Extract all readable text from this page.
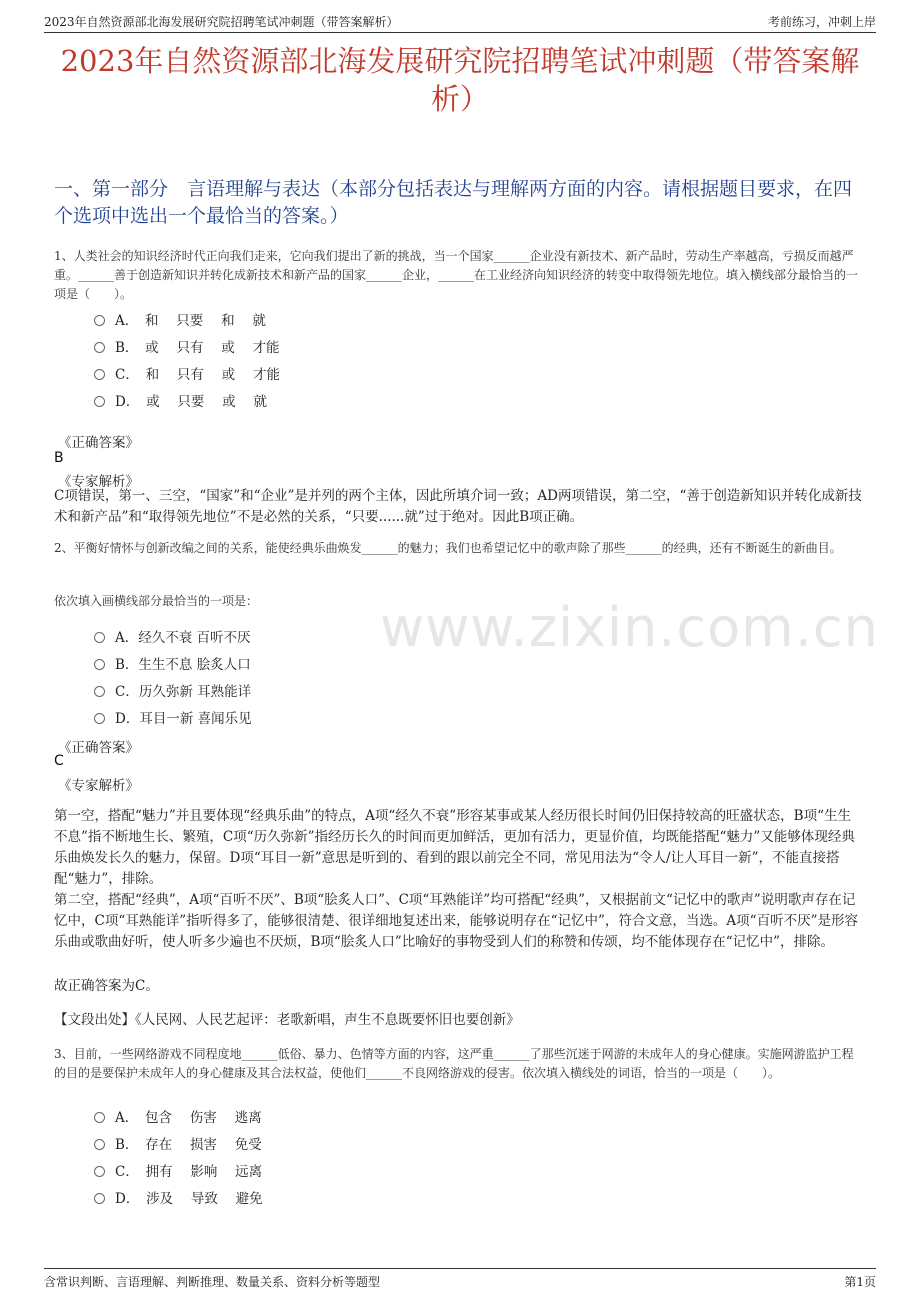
2023年自然资源部北海发展研究院招聘笔试冲刺题（带答案解析）	考前练习，冲刺上岸
2023年自然资源部北海发展研究院招聘笔试冲刺题（带答案解析）
一、第一部分　言语理解与表达（本部分包括表达与理解两方面的内容。请根据题目要求，在四个选项中选出一个最恰当的答案。）
www.zixin.com.cn
1、人类社会的知识经济时代正向我们走来，它向我们提出了新的挑战，当一个国家______企业没有新技术、新产品时，劳动生产率越高，亏损反而越严重。______善于创造新知识并转化成新技术和新产品的国家______企业，______在工业经济向知识经济的转变中取得领先地位。填入横线部分最恰当的一项是（　　）。
A．　和　 只要　 和　 就
B．　或　 只有　 或　 才能
C．　和　 只有　 或　 才能
D．　或　 只要　 或　 就
《正确答案》
B
《专家解析》
C项错误，第一、三空，“国家”和“企业”是并列的两个主体，因此所填介词一致；AD两项错误，第二空，“善于创造新知识并转化成新技术和新产品”和“取得领先地位”不是必然的关系，“只要......就”过于绝对。因此B项正确。
2、平衡好情怀与创新改编之间的关系，能使经典乐曲焕发______的魅力；我们也希望记忆中的歌声除了那些______的经典，还有不断诞生的新曲目。
依次填入画横线部分最恰当的一项是：
A．经久不衰 百听不厌
B．生生不息 脍炙人口
C．历久弥新 耳熟能详
D．耳目一新 喜闻乐见
《正确答案》
C
《专家解析》
第一空，搭配“魅力”并且要体现“经典乐曲”的特点，A项“经久不衰”形容某事或某人经历很长时间仍旧保持较高的旺盛状态，B项“生生不息”指不断地生长、繁殖，C项“历久弥新”指经历长久的时间而更加鲜活，更加有活力，更显价值，均既能搭配“魅力”又能够体现经典乐曲焕发长久的魅力，保留。D项“耳目一新”意思是听到的、看到的跟以前完全不同，常见用法为“令人/让人耳目一新”，不能直接搭配“魅力”，排除。
第二空，搭配“经典”，A项“百听不厌”、B项“脍炙人口”、C项“耳熟能详”均可搭配“经典”，又根据前文“记忆中的歌声”说明歌声存在记忆中，C项“耳熟能详”指听得多了，能够很清楚、很详细地复述出来，能够说明存在“记忆中”，符合文意，当选。A项“百听不厌”是形容乐曲或歌曲好听，使人听多少遍也不厌烦，B项“脍炙人口”比喻好的事物受到人们的称赞和传颂，均不能体现存在“记忆中”，排除。
故正确答案为C。
【文段出处】《人民网、人民艺起评：老歌新唱，声生不息既要怀旧也要创新》
3、目前，一些网络游戏不同程度地______低俗、暴力、色情等方面的内容，这严重______了那些沉迷于网游的未成年人的身心健康。实施网游监护工程的目的是要保护未成年人的身心健康及其合法权益，使他们______不良网络游戏的侵害。依次填入横线处的词语，恰当的一项是（　　）。
A．　包含　 伤害　 逃离
B．　存在　 损害　 免受
C．　拥有　 影响　 远离
D．　涉及　 导致　 避免
含常识判断、言语理解、判断推理、数量关系、资料分析等题型	第1页
